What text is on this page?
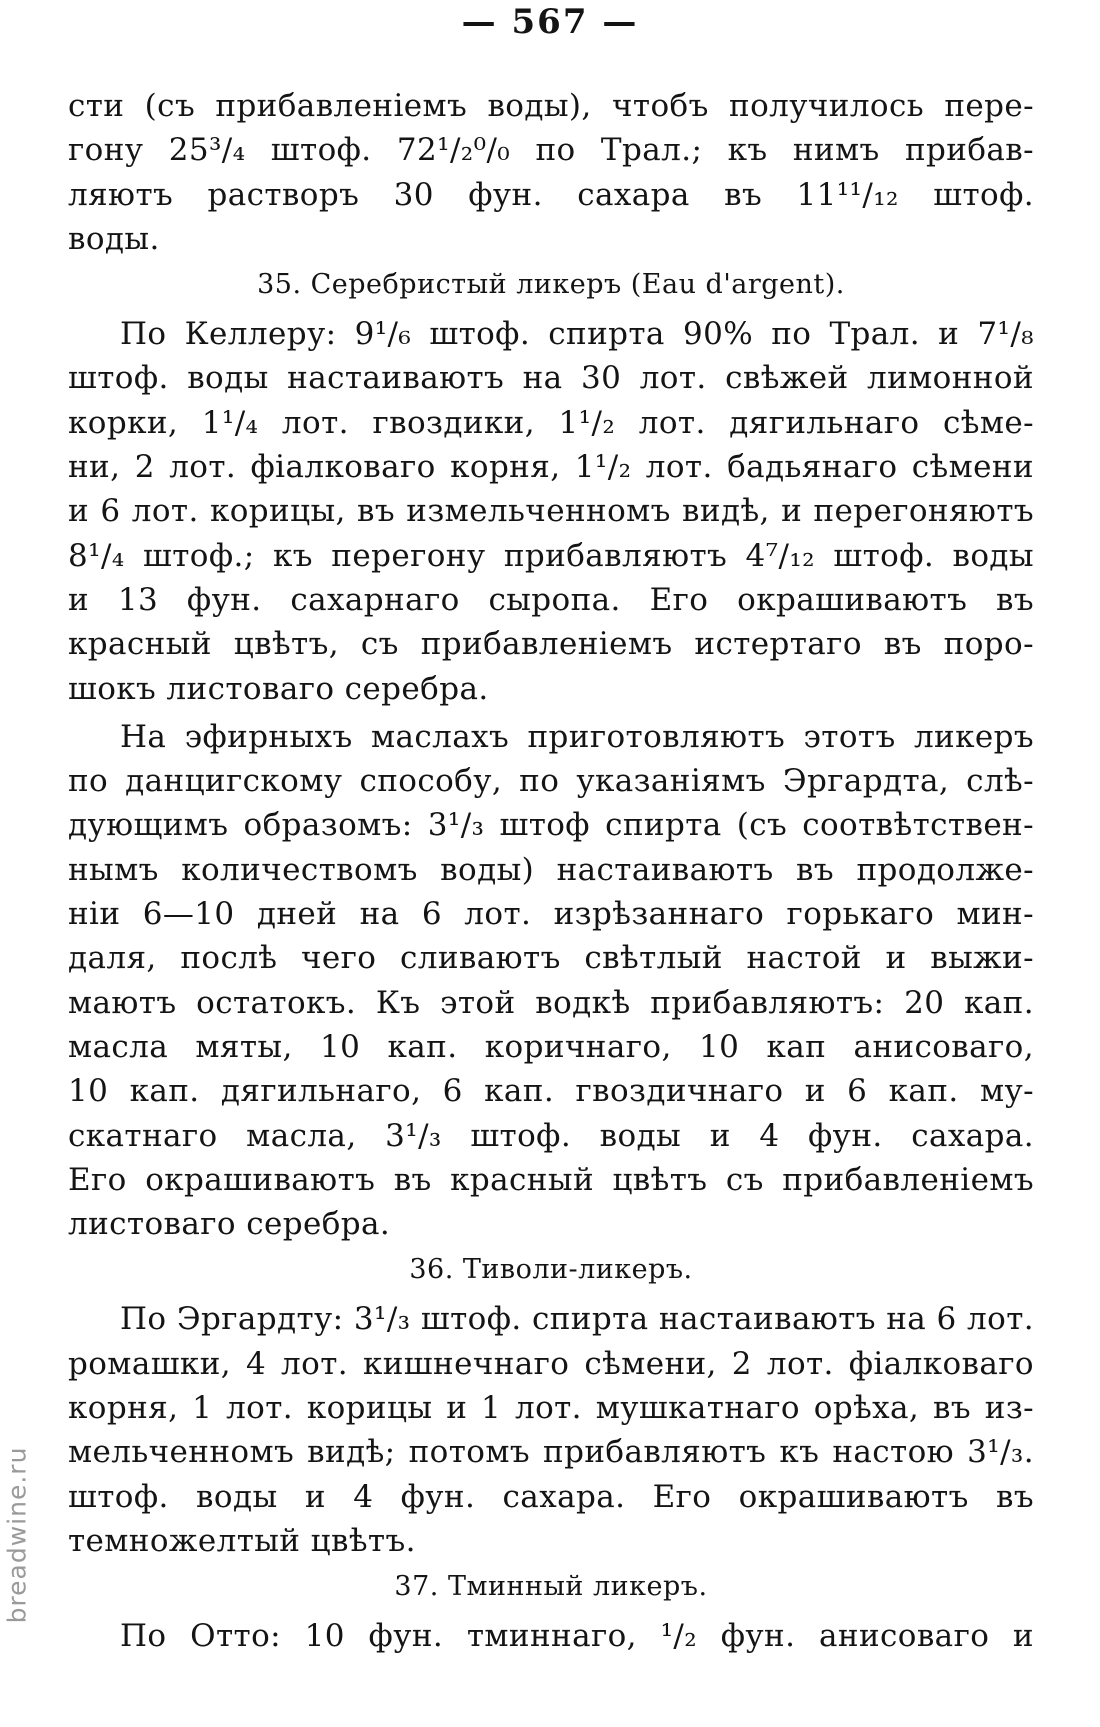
— 567 —
сти (съ прибавленіемъ воды), чтобъ получилось пере-
гону 25³/₄ штоф. 72¹/₂⁰/₀ по Трал.; къ нимъ прибав-
ляютъ растворъ 30 фун. сахара въ 11¹¹/₁₂ штоф.
воды.
35. Серебристый ликеръ (Eau d'argent).
По Келлеру: 9¹/₆ штоф. спирта 90% по Трал. и 7¹/₈
штоф. воды настаиваютъ на 30 лот. свѣжей лимонной
корки, 1¹/₄ лот. гвоздики, 1¹/₂ лот. дягильнаго сѣме-
ни, 2 лот. фіалковаго корня, 1¹/₂ лот. бадьянаго сѣмени
и 6 лот. корицы, въ измельченномъ видѣ, и перегоняютъ
8¹/₄ штоф.; къ перегону прибавляютъ 4⁷/₁₂ штоф. воды
и 13 фун. сахарнаго сыропа. Его окрашиваютъ въ
красный цвѣтъ, съ прибавленіемъ истертаго въ поро-
шокъ листоваго серебра.
На эфирныхъ маслахъ приготовляютъ этотъ ликеръ
по данцигскому способу, по указаніямъ Эргардта, слѣ-
дующимъ образомъ: 3¹/₃ штоф спирта (съ соотвѣтствен-
нымъ количествомъ воды) настаиваютъ въ продолже-
ніи 6—10 дней на 6 лот. изрѣзаннаго горькаго мин-
даля, послѣ чего сливаютъ свѣтлый настой и выжи-
маютъ остатокъ. Къ этой водкѣ прибавляютъ: 20 кап.
масла мяты, 10 кап. коричнаго, 10 кап анисоваго,
10 кап. дягильнаго, 6 кап. гвоздичнаго и 6 кап. му-
скатнаго масла, 3¹/₃ штоф. воды и 4 фун. сахара.
Его окрашиваютъ въ красный цвѣтъ съ прибавленіемъ
листоваго серебра.
36. Тиволи-ликеръ.
По Эргардту: 3¹/₃ штоф. спирта настаиваютъ на 6 лот.
ромашки, 4 лот. кишнечнаго сѣмени, 2 лот. фіалковаго
корня, 1 лот. корицы и 1 лот. мушкатнаго орѣха, въ из-
мельченномъ видѣ; потомъ прибавляютъ къ настою 3¹/₃.
штоф. воды и 4 фун. сахара. Его окрашиваютъ въ
темножелтый цвѣтъ.
37. Тминный ликеръ.
По Отто: 10 фун. тминнаго, ¹/₂ фун. анисоваго и
breadwine.ru
